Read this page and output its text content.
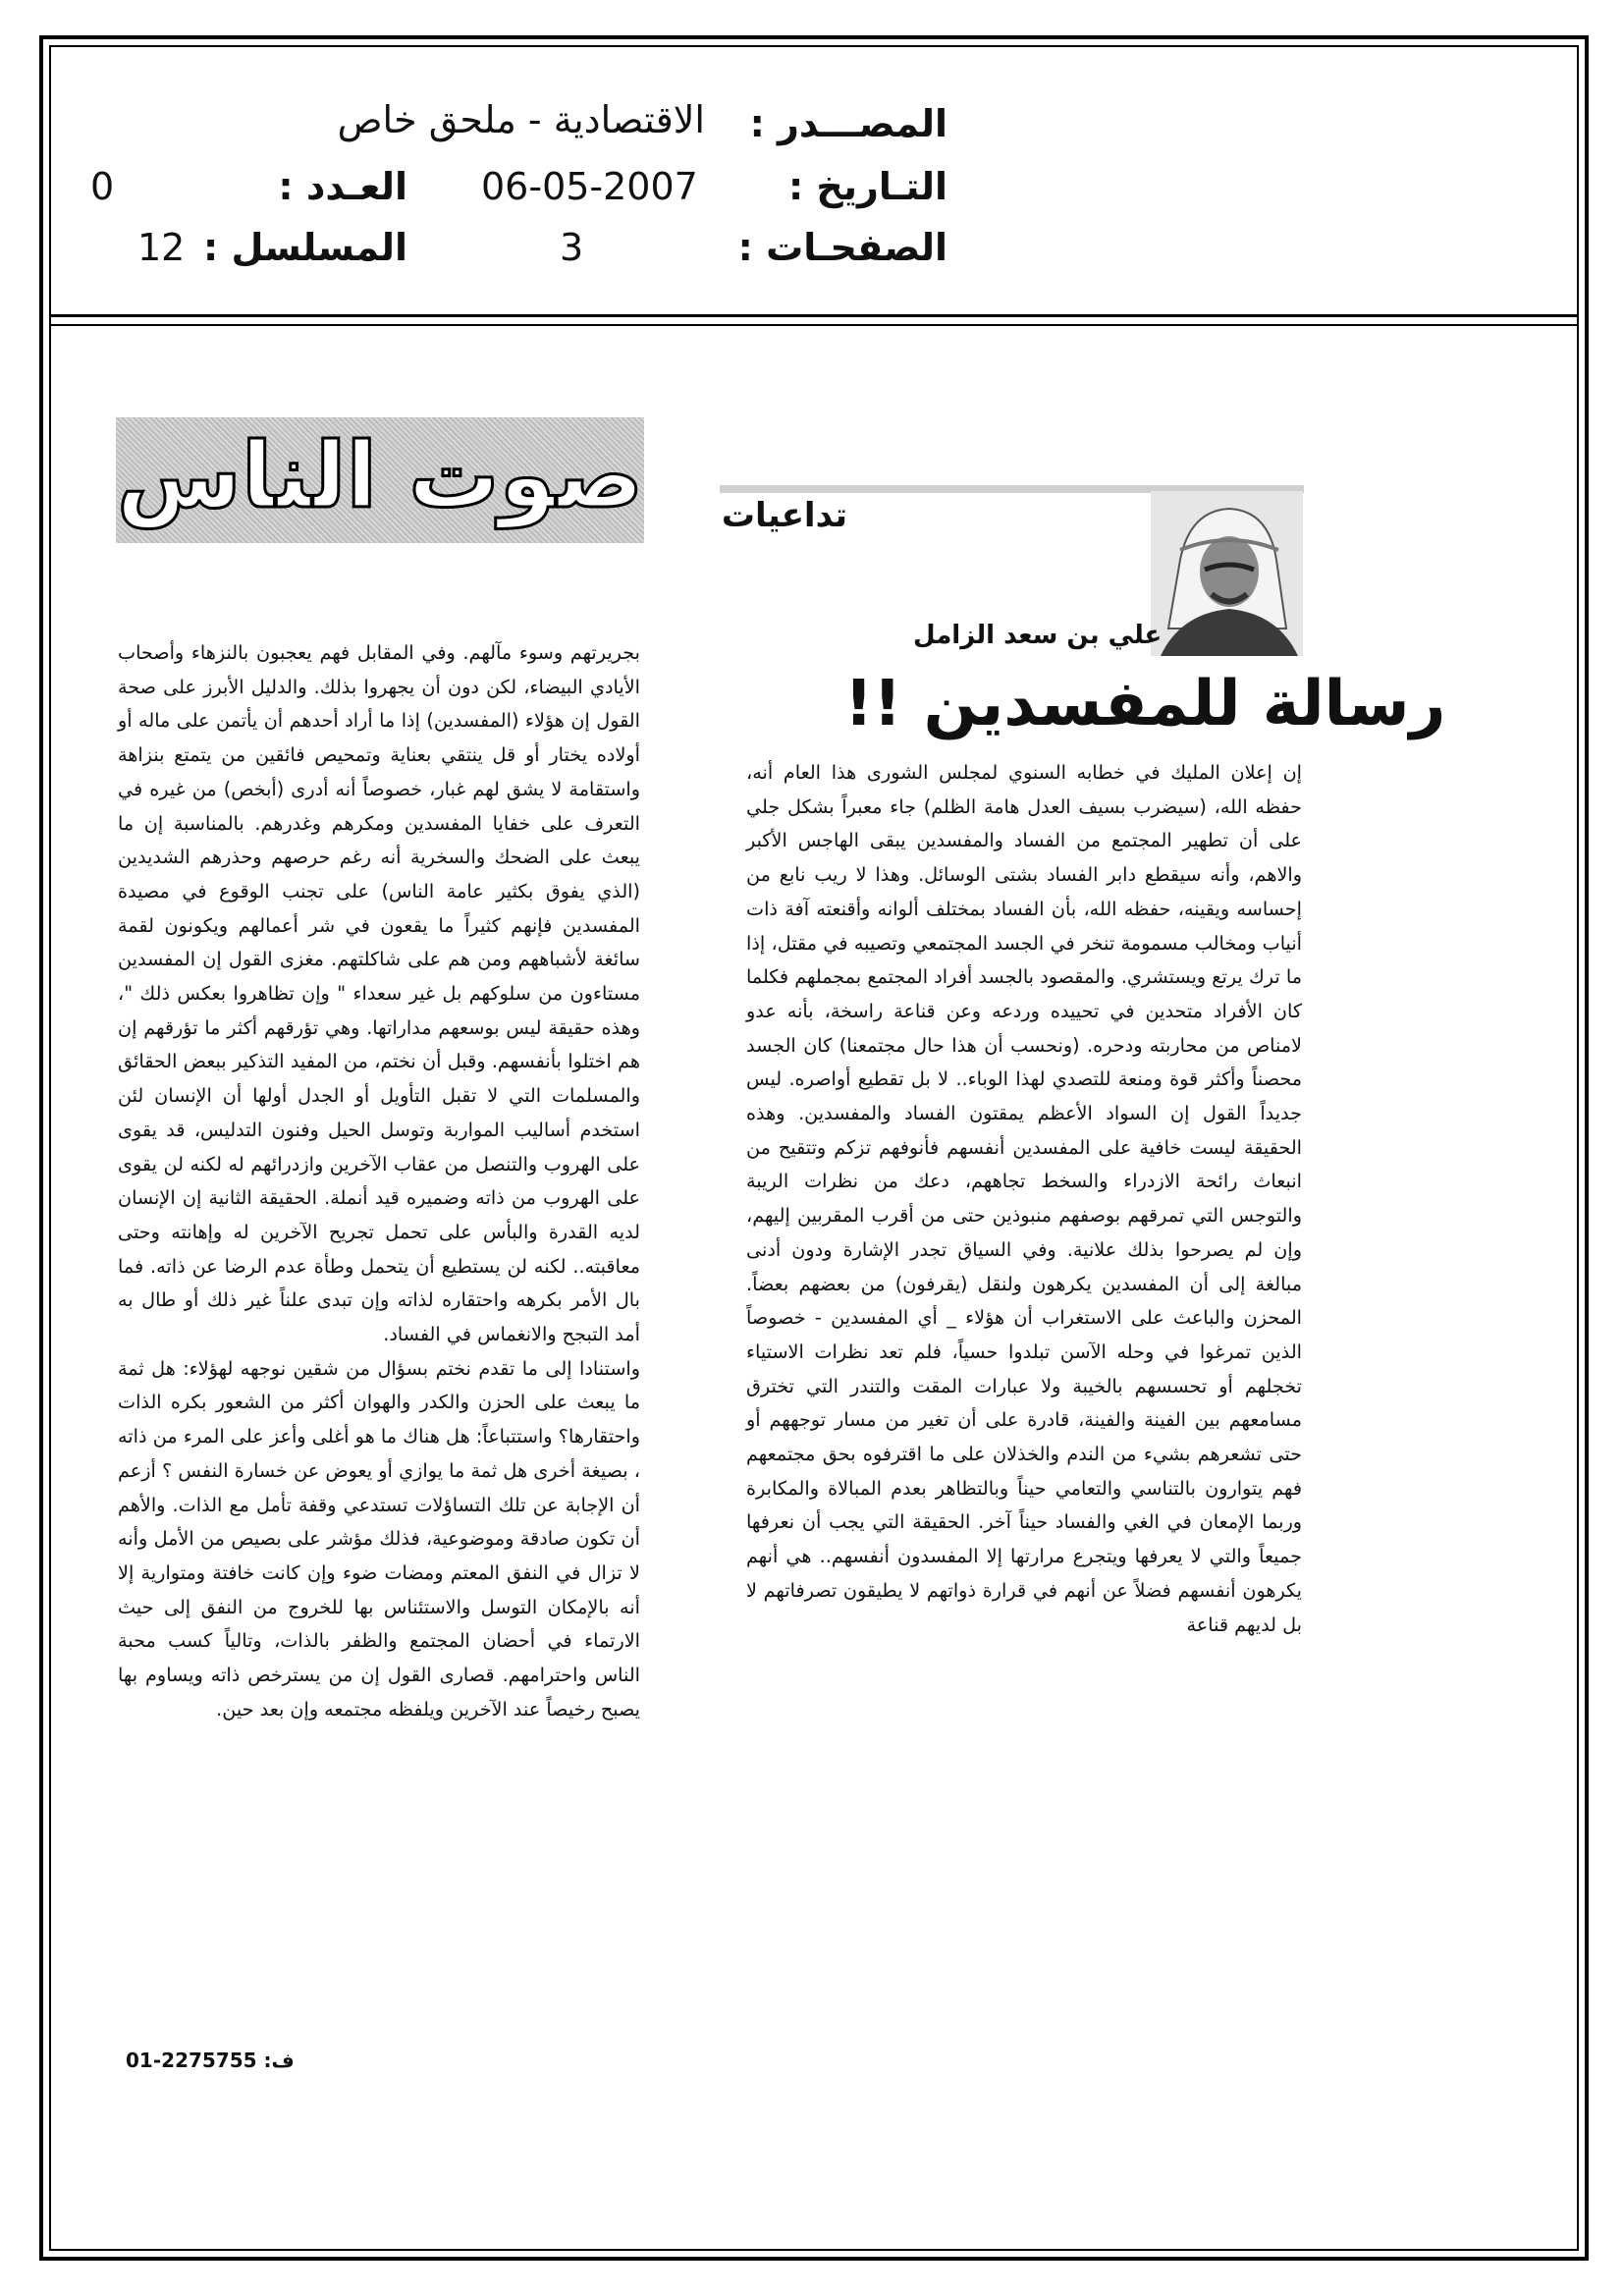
المصـــدر :
الاقتصادية - ملحق خاص
التـاريخ :
06-05-2007
العـدد :
0
الصفحـات :
3
المسلسل :
12
صوت الناس

بجريرتهم وسوء مآلهم. وفي المقابل فهم يعجبون بالنزهاء وأصحاب الأيادي البيضاء، لكن دون أن يجهروا بذلك. والدليل الأبرز على صحة القول إن هؤلاء (المفسدين) إذا ما أراد أحدهم أن يأتمن على ماله أو أولاده يختار أو قل ينتقي بعناية وتمحيص فائقين من يتمتع بنزاهة واستقامة لا يشق لهم غبار، خصوصاً أنه أدرى (أبخص) من غيره في التعرف على خفايا المفسدين ومكرهم وغدرهم. بالمناسبة إن ما يبعث على الضحك والسخرية أنه رغم حرصهم وحذرهم الشديدين (الذي يفوق بكثير عامة الناس) على تجنب الوقوع في مصيدة المفسدين فإنهم كثيراً ما يقعون في شر أعمالهم ويكونون لقمة سائغة لأشباههم ومن هم على شاكلتهم. مغزى القول إن المفسدين مستاءون من سلوكهم بل غير سعداء " وإن تظاهروا بعكس ذلك "، وهذه حقيقة ليس بوسعهم مداراتها. وهي تؤرقهم أكثر ما تؤرقهم إن هم اختلوا بأنفسهم. وقبل أن نختم، من المفيد التذكير ببعض الحقائق والمسلمات التي لا تقبل التأويل أو الجدل أولها أن الإنسان لئن استخدم أساليب المواربة وتوسل الحيل وفنون التدليس، قد يقوى على الهروب والتنصل من عقاب الآخرين وازدرائهم له لكنه لن يقوى على الهروب من ذاته وضميره قيد أنملة. الحقيقة الثانية إن الإنسان لديه القدرة والبأس على تحمل تجريح الآخرين له وإهانته وحتى معاقبته.. لكنه لن يستطيع أن يتحمل وطأة عدم الرضا عن ذاته. فما بال الأمر بكرهه واحتقاره لذاته وإن تبدى علناً غير ذلك أو طال به أمد التبجح والانغماس في الفساد.

واستنادا إلى ما تقدم نختم بسؤال من شقين نوجهه لهؤلاء: هل ثمة ما يبعث على الحزن والكدر والهوان أكثر من الشعور بكره الذات واحتقارها؟ واستتباعاً: هل هناك ما هو أغلى وأعز على المرء من ذاته ، بصيغة أخرى هل ثمة ما يوازي أو يعوض عن خسارة النفس ؟ أزعم أن الإجابة عن تلك التساؤلات تستدعي وقفة تأمل مع الذات. والأهم أن تكون صادقة وموضوعية، فذلك مؤشر على بصيص من الأمل وأنه لا تزال في النفق المعتم ومضات ضوء وإن كانت خافتة ومتوارية إلا أنه بالإمكان التوسل والاستئناس بها للخروج من النفق إلى حيث الارتماء في أحضان المجتمع والظفر بالذات، وتالياً كسب محبة الناس واحترامهم. قصارى القول إن من يسترخص ذاته ويساوم بها يصبح رخيصاً عند الآخرين ويلفظه مجتمعه وإن بعد حين.

ف: 2275755-01
تداعيات
علي بن سعد الزامل
رسالة للمفسدين !!

إن إعلان المليك في خطابه السنوي لمجلس الشورى هذا العام أنه، حفظه الله، (سيضرب بسيف العدل هامة الظلم) جاء معبراً بشكل جلي على أن تطهير المجتمع من الفساد والمفسدين يبقى الهاجس الأكبر والاهم، وأنه سيقطع دابر الفساد بشتى الوسائل. وهذا لا ريب نابع من إحساسه ويقينه، حفظه الله، بأن الفساد بمختلف ألوانه وأقنعته آفة ذات أنياب ومخالب مسمومة تنخر في الجسد المجتمعي وتصيبه في مقتل، إذا ما ترك يرتع ويستشري. والمقصود بالجسد أفراد المجتمع بمجملهم فكلما كان الأفراد متحدين في تحييده وردعه وعن قناعة راسخة، بأنه عدو لامناص من محاربته ودحره. (ونحسب أن هذا حال مجتمعنا) كان الجسد محصناً وأكثر قوة ومنعة للتصدي لهذا الوباء.. لا بل تقطيع أواصره. ليس جديداً القول إن السواد الأعظم يمقتون الفساد والمفسدين. وهذه الحقيقة ليست خافية على المفسدين أنفسهم فأنوفهم تزكم وتتقيح من انبعاث رائحة الازدراء والسخط تجاههم، دعك من نظرات الريبة والتوجس التي تمرقهم بوصفهم منبوذين حتى من أقرب المقربين إليهم، وإن لم يصرحوا بذلك علانية. وفي السياق تجدر الإشارة ودون أدنى مبالغة إلى أن المفسدين يكرهون ولنقل (يقرفون) من بعضهم بعضاً. المحزن والباعث على الاستغراب أن هؤلاء _ أي المفسدين - خصوصاً الذين تمرغوا في وحله الآسن تبلدوا حسياً، فلم تعد نظرات الاستياء تخجلهم أو تحسسهم بالخيبة ولا عبارات المقت والتندر التي تخترق مسامعهم بين الفينة والفينة، قادرة على أن تغير من مسار توجههم أو حتى تشعرهم بشيء من الندم والخذلان على ما اقترفوه بحق مجتمعهم فهم يتوارون بالتناسي والتعامي حيناً وبالتظاهر بعدم المبالاة والمكابرة وربما الإمعان في الغي والفساد حيناً آخر. الحقيقة التي يجب أن نعرفها جميعاً والتي لا يعرفها ويتجرع مرارتها إلا المفسدون أنفسهم.. هي أنهم يكرهون أنفسهم فضلاً عن أنهم في قرارة ذواتهم لا يطيقون تصرفاتهم لا بل لديهم قناعة
